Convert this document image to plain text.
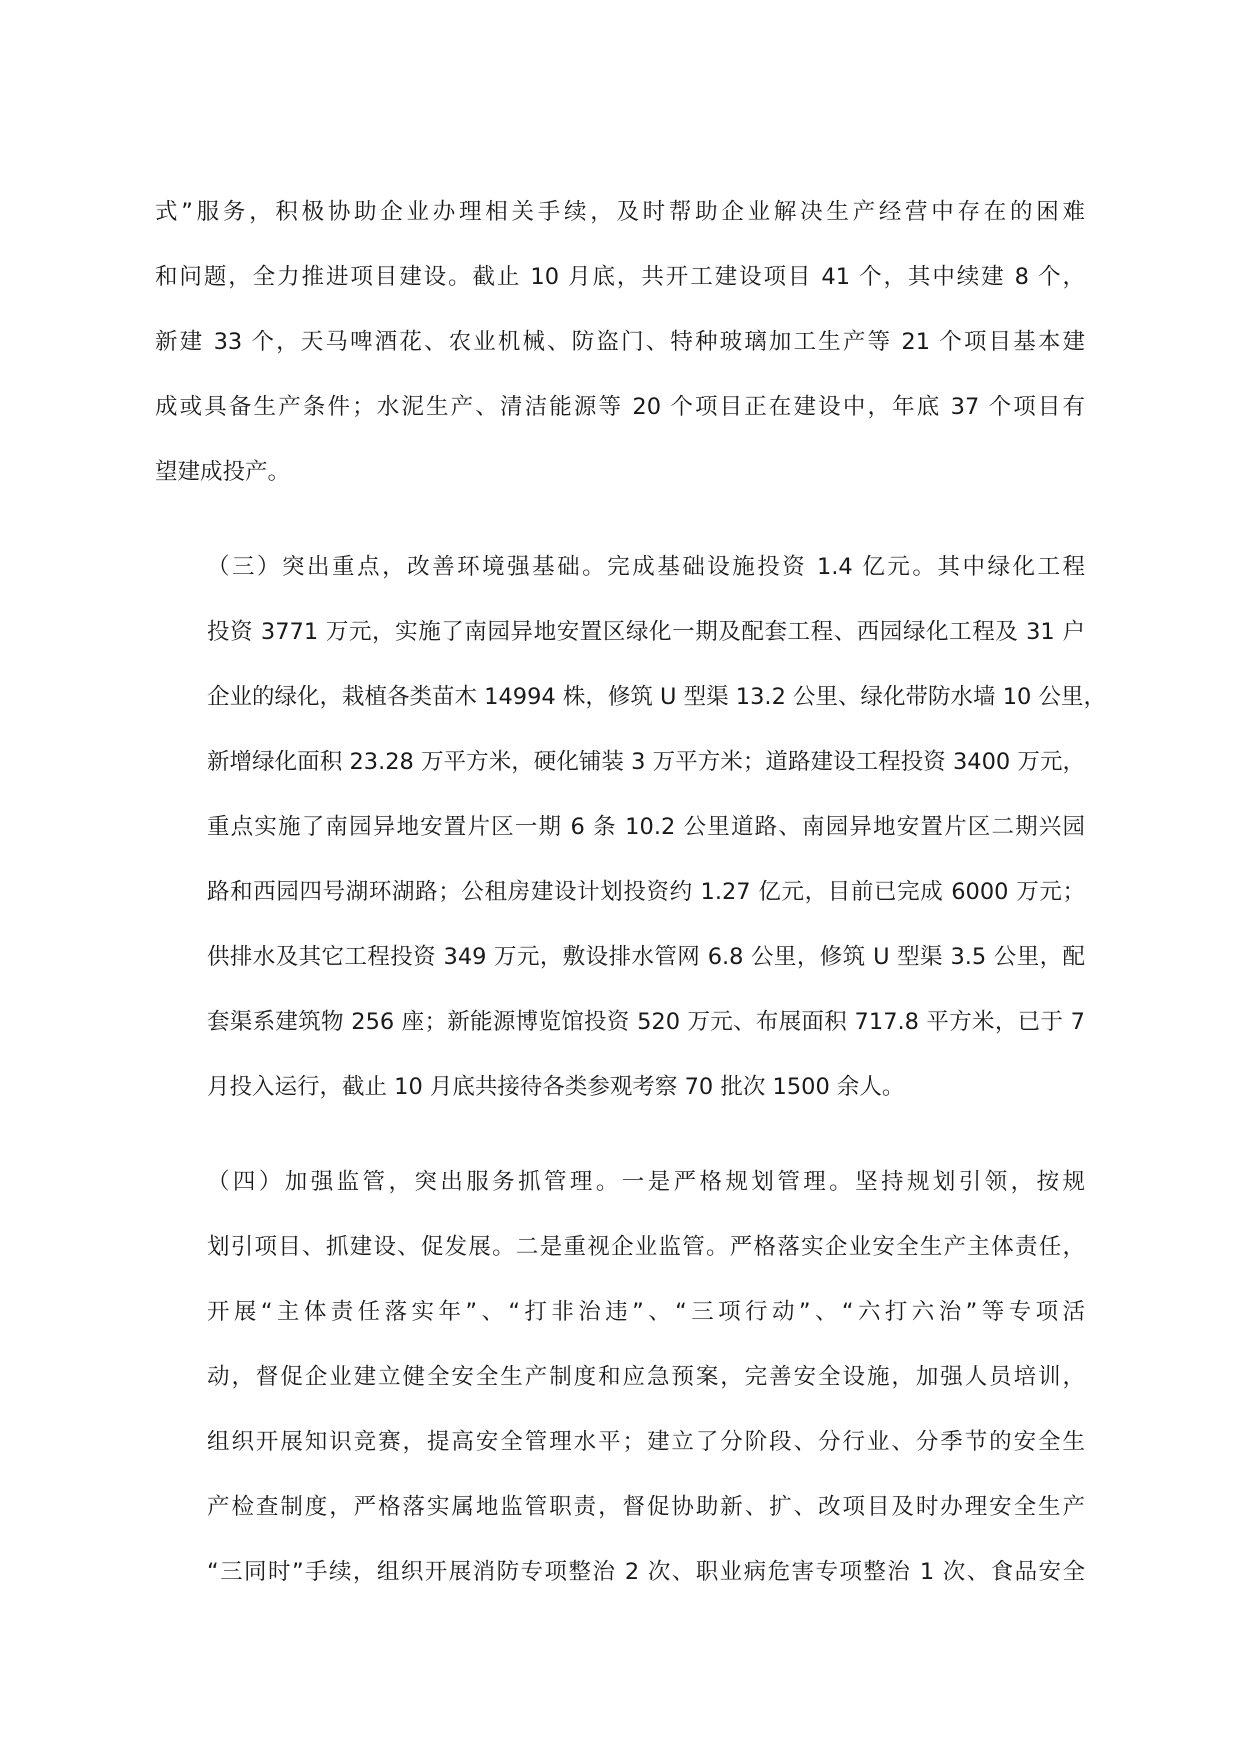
式”服务，积极协助企业办理相关手续，及时帮助企业解决生产经营中存在的困难
和问题，全力推进项目建设。截止 10 月底，共开工建设项目 41 个，其中续建 8 个，
新建 33 个，天马啤酒花、农业机械、防盗门、特种玻璃加工生产等 21 个项目基本建
成或具备生产条件；水泥生产、清洁能源等 20 个项目正在建设中，年底 37 个项目有
望建成投产。

（三）突出重点，改善环境强基础。完成基础设施投资 1.4 亿元。其中绿化工程
投资 3771 万元，实施了南园异地安置区绿化一期及配套工程、西园绿化工程及 31 户
企业的绿化，栽植各类苗木 14994 株，修筑 U 型渠 13.2 公里、绿化带防水墙 10 公里，
新增绿化面积 23.28 万平方米，硬化铺装 3 万平方米；道路建设工程投资 3400 万元，
重点实施了南园异地安置片区一期 6 条 10.2 公里道路、南园异地安置片区二期兴园
路和西园四号湖环湖路；公租房建设计划投资约 1.27 亿元，目前已完成 6000 万元；
供排水及其它工程投资 349 万元，敷设排水管网 6.8 公里，修筑 U 型渠 3.5 公里，配
套渠系建筑物 256 座；新能源博览馆投资 520 万元、布展面积 717.8 平方米，已于 7
月投入运行，截止 10 月底共接待各类参观考察 70 批次 1500 余人。

（四）加强监管，突出服务抓管理。一是严格规划管理。坚持规划引领，按规
划引项目、抓建设、促发展。二是重视企业监管。严格落实企业安全生产主体责任，
开展“主体责任落实年”、“打非治违”、“三项行动”、“六打六治”等专项活
动，督促企业建立健全安全生产制度和应急预案，完善安全设施，加强人员培训，
组织开展知识竞赛，提高安全管理水平；建立了分阶段、分行业、分季节的安全生
产检查制度，严格落实属地监管职责，督促协助新、扩、改项目及时办理安全生产
“三同时”手续，组织开展消防专项整治 2 次、职业病危害专项整治 1 次、食品安全
